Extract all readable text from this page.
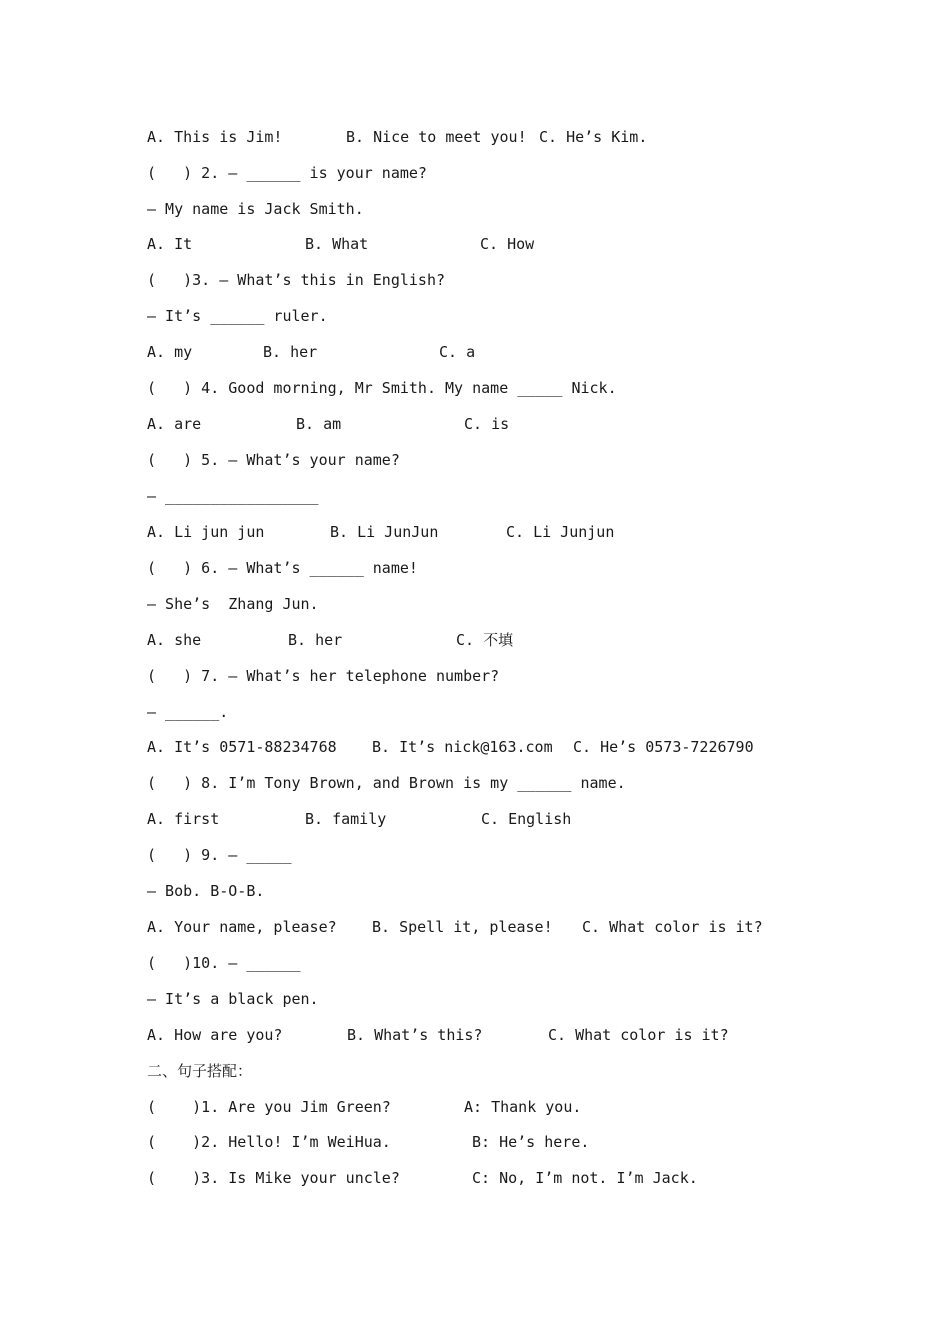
A. This is Jim!

	B. Nice to meet you!

C. He’s Kim.

(   ) 2. — ______ is your name?

— My name is Jack Smith.

A. It

	B. What

	C. How

(   )3. — What’s this in English?

— It’s ______ ruler.

A. my

	B. her

	C. a

(   ) 4. Good morning, Mr Smith. My name _____ Nick.

A. are

	B. am

	C. is

(   ) 5. — What’s your name?

— _________________

A. Li jun jun

	B. Li JunJun

	C. Li Junjun

(   ) 6. — What’s ______ name!

— She’s  Zhang Jun.

A. she

	B. her

	C. 不填

(   ) 7. — What’s her telephone number?

— ______.

A. It’s 0571-88234768

B. It’s nick@163.com

C. He’s 0573-7226790

(   ) 8. I’m Tony Brown, and Brown is my ______ name.

A. first

	B. family

	C. English

(   ) 9. — _____

— Bob. B-O-B.

A. Your name, please?

B. Spell it, please!

C. What color is it?

(   )10. — ______

— It’s a black pen.

A. How are you?

	B. What’s this?

	C. What color is it?

二、句子搭配：

(    )1. Are you Jim Green?

	A: Thank you.

(    )2. Hello! I’m WeiHua.

	B: He’s here.

(    )3. Is Mike your uncle?

	C: No, I’m not. I’m Jack.
